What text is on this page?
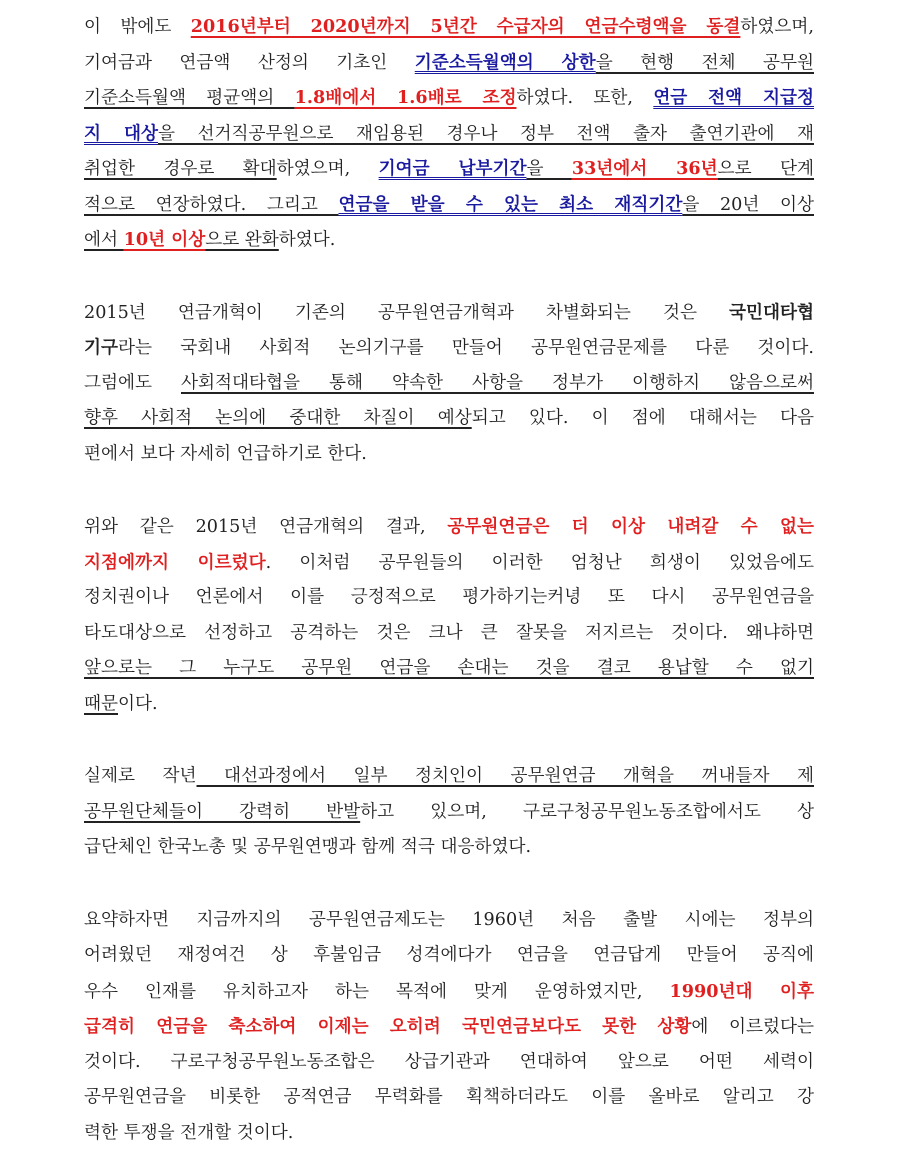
이 밖에도 2016년부터 2020년까지 5년간 수급자의 연금수령액을 동결하였으며,
기여금과 연금액 산정의 기초인 기준소득월액의 상한을 현행 전체 공무원
기준소득월액 평균액의 1.8배에서 1.6배로 조정하였다. 또한, 연금 전액 지급정
지 대상을 선거직공무원으로 재임용된 경우나 정부 전액 출자 출연기관에 재
취업한 경우로 확대하였으며, 기여금 납부기간을 33년에서 36년으로 단계
적으로 연장하였다. 그리고 연금을 받을 수 있는 최소 재직기간을 20년 이상
에서 10년 이상으로 완화하였다.
2015년 연금개혁이 기존의 공무원연금개혁과 차별화되는 것은 국민대타협
기구라는 국회내 사회적 논의기구를 만들어 공무원연금문제를 다룬 것이다.
그럼에도 사회적대타협을 통해 약속한 사항을 정부가 이행하지 않음으로써
향후 사회적 논의에 중대한 차질이 예상되고 있다. 이 점에 대해서는 다음
편에서 보다 자세히 언급하기로 한다.
위와 같은 2015년 연금개혁의 결과, 공무원연금은 더 이상 내려갈 수 없는
지점에까지 이르렀다. 이처럼 공무원들의 이러한 엄청난 희생이 있었음에도
정치권이나 언론에서 이를 긍정적으로 평가하기는커녕 또 다시 공무원연금을
타도대상으로 선정하고 공격하는 것은 크나 큰 잘못을 저지르는 것이다. 왜냐하면
앞으로는 그 누구도 공무원 연금을 손대는 것을 결코 용납할 수 없기
때문이다.
실제로 작년 대선과정에서 일부 정치인이 공무원연금 개혁을 꺼내들자 제
공무원단체들이 강력히 반발하고 있으며, 구로구청공무원노동조합에서도 상
급단체인 한국노총 및 공무원연맹과 함께 적극 대응하였다.
요약하자면 지금까지의 공무원연금제도는 1960년 처음 출발 시에는 정부의
어려웠던 재정여건 상 후불임금 성격에다가 연금을 연금답게 만들어 공직에
우수 인재를 유치하고자 하는 목적에 맞게 운영하였지만, 1990년대 이후
급격히 연금을 축소하여 이제는 오히려 국민연금보다도 못한 상황에 이르렀다는
것이다. 구로구청공무원노동조합은 상급기관과 연대하여 앞으로 어떤 세력이
공무원연금을 비롯한 공적연금 무력화를 획책하더라도 이를 올바로 알리고 강
력한 투쟁을 전개할 것이다.
